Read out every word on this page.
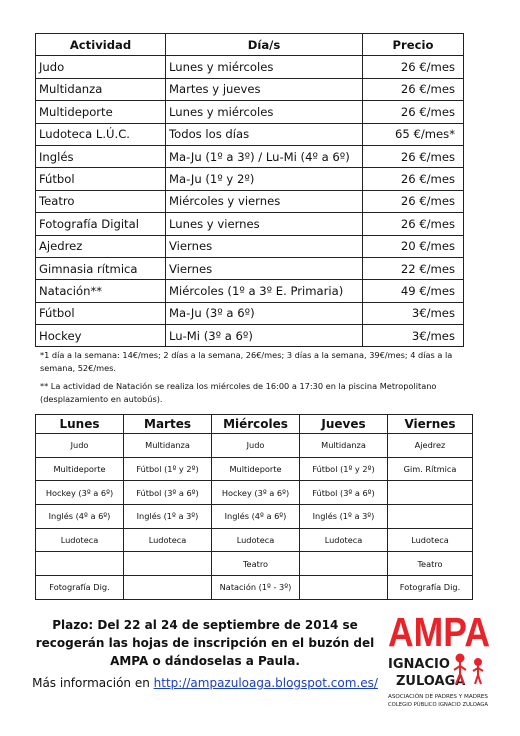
Actividad	Día/s	Precio
Judo	Lunes y miércoles	26 €/mes
Multidanza	Martes y jueves	26 €/mes
Multideporte	Lunes y miércoles	26 €/mes
Ludoteca L.Ú.C.	Todos los días	65 €/mes*
Inglés	Ma-Ju (1º a 3º) / Lu-Mi (4º a 6º)	26 €/mes
Fútbol	Ma-Ju (1º y 2º)	26 €/mes
Teatro	Miércoles y viernes	26 €/mes
Fotografía Digital	Lunes y viernes	26 €/mes
Ajedrez	Viernes	20 €/mes
Gimnasia rítmica	Viernes	22 €/mes
Natación**	Miércoles (1º a 3º E. Primaria)	49 €/mes
Fútbol	Ma-Ju (3º a 6º)	3€/mes
Hockey	Lu-Mi (3º a 6º)	3€/mes
*1 día a la semana: 14€/mes; 2 días a la semana, 26€/mes; 3 días a la semana, 39€/mes; 4 días a la semana, 52€/mes.
** La actividad de Natación se realiza los miércoles de 16:00 a 17:30 en la piscina Metropolitano (desplazamiento en autobús).
Lunes	Martes	Miércoles	Jueves	Viernes
Judo	Multidanza	Judo	Multidanza	Ajedrez
Multideporte	Fútbol (1º y 2º)	Multideporte	Fútbol (1º y 2º)	Gim. Rítmica
Hockey (3º a 6º)	Fútbol (3º a 6º)	Hockey (3º a 6º)	Fútbol (3º a 6º)	
Inglés (4º a 6º)	Inglés (1º a 3º)	Inglés (4º a 6º)	Inglés (1º a 3º)	
Ludoteca	Ludoteca	Ludoteca	Ludoteca	Ludoteca
		Teatro		Teatro
Fotografía Dig.		Natación (1º - 3º)		Fotografía Dig.
Plazo: Del 22 al 24 de septiembre de 2014 se recogerán las hojas de inscripción en el buzón del AMPA o dándoselas a Paula.
Más información en http://ampazuloaga.blogspot.com.es/
AMPA
IGNACIO
ZULOAGA
ASOCIACIÓN DE PADRES Y MADRES
COLEGIO PÚBLICO IGNACIO ZULOAGA
